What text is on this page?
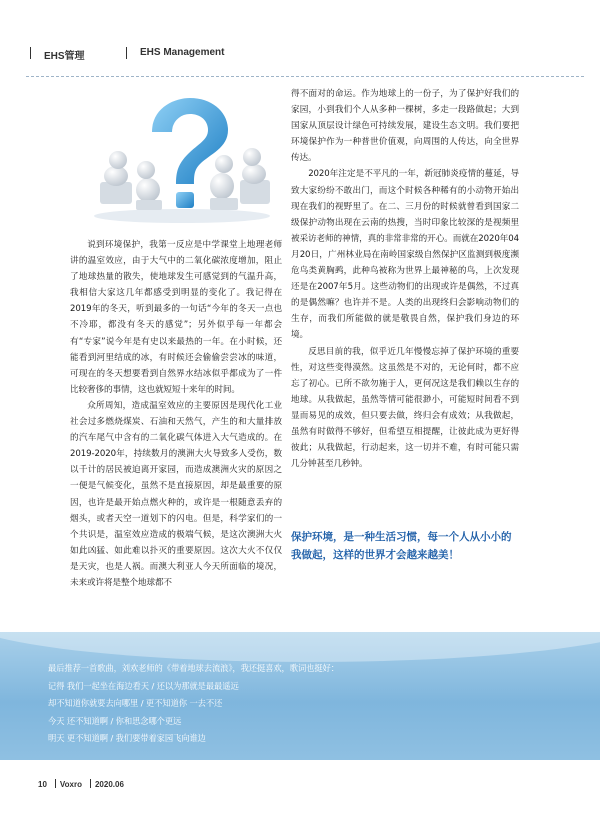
EHS管理	EHS Management

说到环境保护，我第一反应是中学课堂上地理老师讲的温室效应，由于大气中的二氧化碳浓度增加，阻止了地球热量的散失，使地球发生可感觉到的气温升高，我相信大家这几年都感受到明显的变化了。我记得在2019年的冬天，听到最多的一句话“今年的冬天一点也不冷耶，都没有冬天的感觉”；另外似乎每一年都会有“专家”说今年是有史以来最热的一年。在小时候，还能看到河里结成的冰，有时候还会偷偷尝尝冰的味道，可现在的冬天想要看到自然界水结冰似乎都成为了一件比较奢侈的事情，这也就短短十来年的时间。

众所周知，造成温室效应的主要原因是现代化工业社会过多燃烧煤炭、石油和天然气，产生的和大量排放的汽车尾气中含有的二氧化碳气体进入大气造成的。在2019-2020年，持续数月的澳洲大火导致多人受伤，数以千计的居民被迫离开家园，而造成澳洲火灾的原因之一便是气候变化，虽然不是直接原因，却是最重要的原因，也许是最开始点燃火种的，或许是一根随意丢弃的烟头，或者天空一道划下的闪电。但是，科学家们的一个共识是，温室效应造成的极端气候，是这次澳洲大火如此凶猛、如此难以扑灭的重要原因。这次大火不仅仅是天灾，也是人祸。而澳大利亚人今天所面临的境况，未来或许将是整个地球都不

得不面对的命运。作为地球上的一份子，为了保护好我们的家园，小到我们个人从多种一棵树，多走一段路做起；大到国家从顶层设计绿色可持续发展，建设生态文明。我们要把环境保护作为一种普世价值观，向周围的人传达，向全世界传达。

2020年注定是不平凡的一年，新冠肺炎疫情的蔓延，导致大家纷纷不敢出门，而这个时候各种稀有的小动物开始出现在我们的视野里了。在二、三月份的时候就曾看到国家二级保护动物出现在云南的热搜，当时印象比较深的是视频里被采访老师的神情，真的非常非常的开心。而就在2020年04月20日，广州林业局在南岭国家级自然保护区监测到极度濒危鸟类黄胸鹀，此种鸟被称为世界上最神秘的鸟，上次发现还是在2007年5月。这些动物们的出现或许是偶然，不过真的是偶然嘛？也许并不是。人类的出现终归会影响动物们的生存，而我们所能做的就是敬畏自然，保护我们身边的环境。

反思目前的我，似乎近几年慢慢忘掉了保护环境的重要性，对这些变得漠然。这虽然是不对的，无论何时，都不应忘了初心。已所不欲勿施于人，更何况这是我们赖以生存的地球。从我做起，虽然等情可能很渺小，可能短时间看不到显而易见的成效，但只要去做，终归会有成效；从我做起，虽然有时做得不够好，但希望互相提醒，让彼此成为更好得彼此；从我做起，行动起来，这一切并不难，有时可能只需几分钟甚至几秒钟。

保护环境，是一种生活习惯，每一个人从小小的我做起，这样的世界才会越来越美！
最后推荐一首歌曲，刘欢老师的《带着地球去流浪》，我还挺喜欢，歌词也挺好：
记得 我们一起坐在海边看天 / 还以为那就是最最遥远
却不知道你就要去向哪里 / 更不知道你 一去不还
今天 还不知道啊 / 你和思念哪个更远
明天 更不知道啊 / 我们要带着家园飞向谁边
10 Voxro 2020.06
